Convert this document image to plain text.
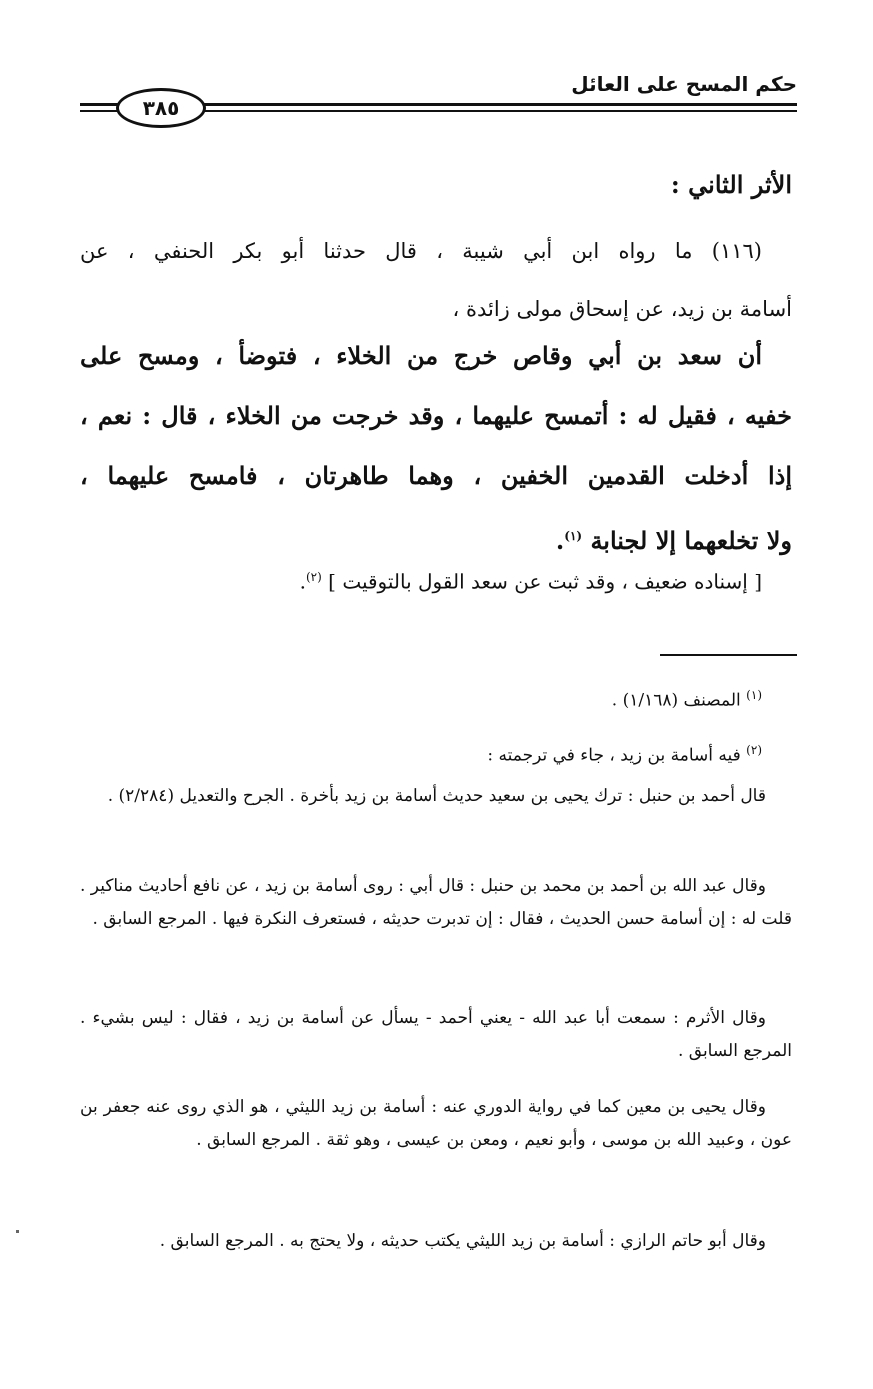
حكم المسح على العائل
٣٨٥
الأثر الثاني :
(١١٦) ما رواه ابن أبي شيبة ، قال حدثنا أبو بكر الحنفي ، عن
أسامة بن زيد، عن إسحاق مولى زائدة ،
أن سعد بن أبي وقاص خرج من الخلاء ، فتوضأ ، ومسح على
خفيه ، فقيل له : أتمسح عليهما ، وقد خرجت من الخلاء ، قال : نعم ،
إذا أدخلت القدمين الخفين ، وهما طاهرتان ، فامسح عليهما ،
ولا تخلعهما إلا لجنابة $^{(١)}$.
[ إسناده ضعيف ، وقد ثبت عن سعد القول بالتوقيت ] $^{(٢)}$.
$^{(١)}$ المصنف (١/١٦٨) .
$^{(٢)}$ فيه أسامة بن زيد ، جاء في ترجمته :
قال أحمد بن حنبل : ترك يحيى بن سعيد حديث أسامة بن زيد بأخرة . الجرح والتعديل (٢/٢٨٤) .
وقال عبد الله بن أحمد بن محمد بن حنبل : قال أبي : روى أسامة بن زيد ، عن نافع أحاديث مناكير . قلت له : إن أسامة حسن الحديث ، فقال : إن تدبرت حديثه ، فستعرف النكرة فيها . المرجع السابق .
وقال الأثرم : سمعت أبا عبد الله - يعني أحمد - يسأل عن أسامة بن زيد ، فقال : ليس بشيء . المرجع السابق .
وقال يحيى بن معين كما في رواية الدوري عنه : أسامة بن زيد الليثي ، هو الذي روى عنه جعفر بن عون ، وعبيد الله بن موسى ، وأبو نعيم ، ومعن بن عيسى ، وهو ثقة . المرجع السابق .
وقال أبو حاتم الرازي : أسامة بن زيد الليثي يكتب حديثه ، ولا يحتج به . المرجع السابق .
